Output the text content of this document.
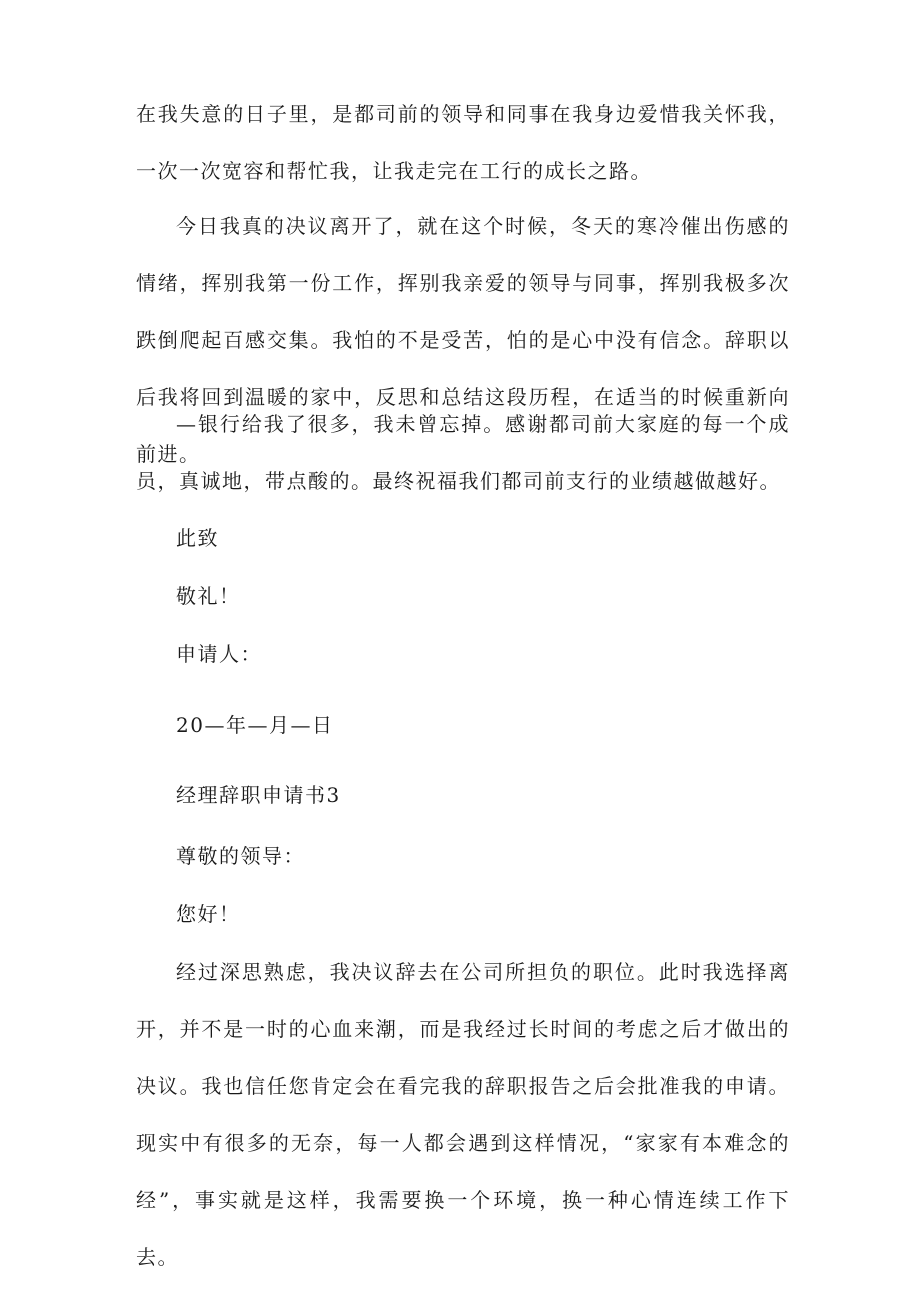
在我失意的日子里，是都司前的领导和同事在我身边爱惜我关怀我，一次一次宽容和帮忙我，让我走完在工行的成长之路。

今日我真的决议离开了，就在这个时候，冬天的寒冷催出伤感的情绪，挥别我第一份工作，挥别我亲爱的领导与同事，挥别我极多次跌倒爬起百感交集。我怕的不是受苦，怕的是心中没有信念。辞职以后我将回到温暖的家中，反思和总结这段历程，在适当的时候重新向前进。

—银行给我了很多，我未曾忘掉。感谢都司前大家庭的每一个成员，真诚地，带点酸的。最终祝福我们都司前支行的业绩越做越好。

此致

敬礼！

申请人：

20—年—月—日

经理辞职申请书3

尊敬的领导：

您好！

经过深思熟虑，我决议辞去在公司所担负的职位。此时我选择离开，并不是一时的心血来潮，而是我经过长时间的考虑之后才做出的决议。我也信任您肯定会在看完我的辞职报告之后会批准我的申请。现实中有很多的无奈，每一人都会遇到这样情况，“家家有本难念的经”，事实就是这样，我需要换一个环境，换一种心情连续工作下去。
